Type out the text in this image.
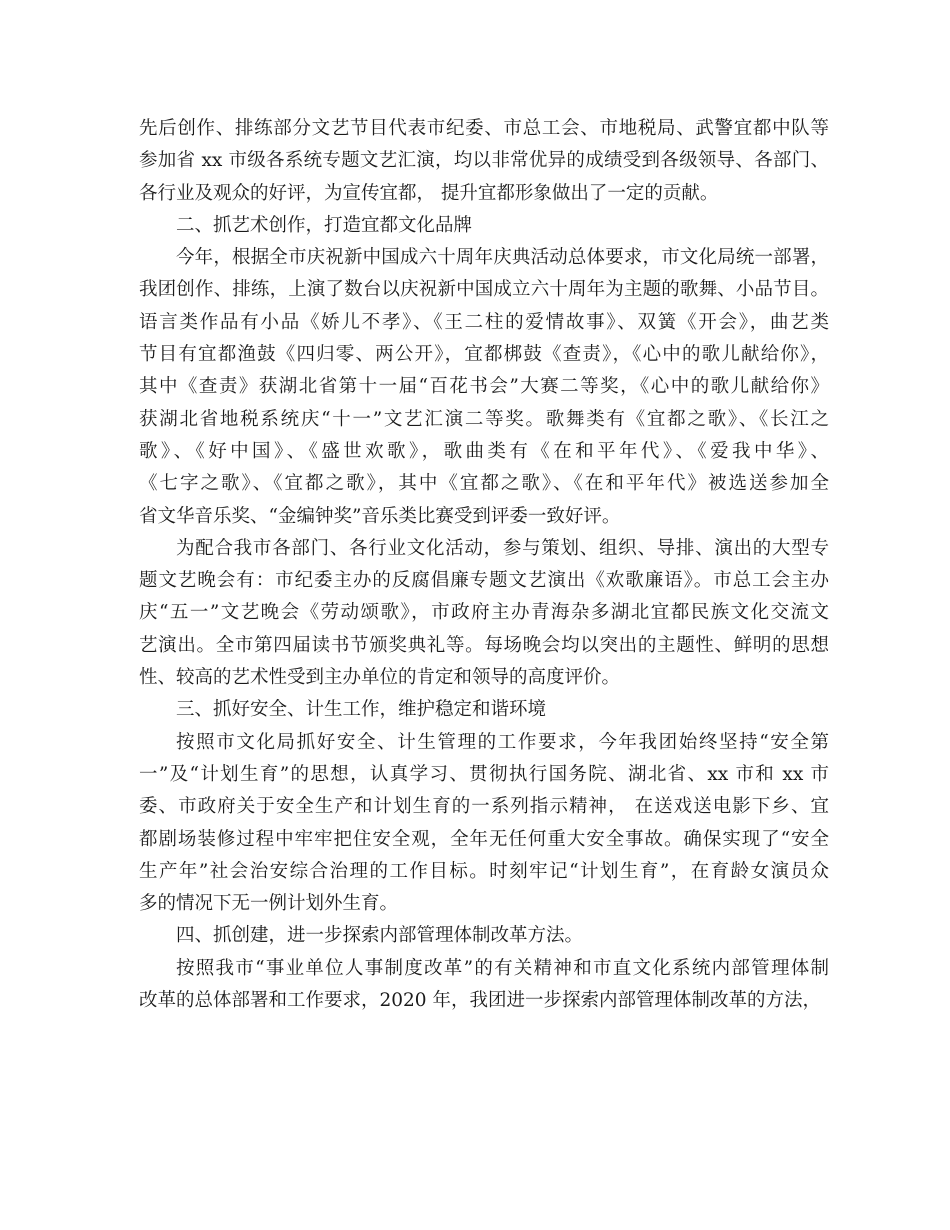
先后创作、排练部分文艺节目代表市纪委、市总工会、市地税局、武警宜都中队等
参加省 xx 市级各系统专题文艺汇演，均以非常优异的成绩受到各级领导、各部门、
各行业及观众的好评，为宣传宜都， 提升宜都形象做出了一定的贡献。

二、抓艺术创作，打造宜都文化品牌

今年，根据全市庆祝新中国成六十周年庆典活动总体要求，市文化局统一部署，
我团创作、排练，上演了数台以庆祝新中国成立六十周年为主题的歌舞、小品节目。
语言类作品有小品《娇儿不孝》、《王二柱的爱情故事》、双簧《开会》，曲艺类
节目有宜都渔鼓《四归零、两公开》，宜都梆鼓《查责》，《心中的歌儿献给你》，
其中《查责》获湖北省第十一届“百花书会”大赛二等奖，《心中的歌儿献给你》
获湖北省地税系统庆“十一”文艺汇演二等奖。歌舞类有《宜都之歌》、《长江之
歌》、《好中国》、《盛世欢歌》，歌曲类有《在和平年代》、《爱我中华》、
《七字之歌》、《宜都之歌》，其中《宜都之歌》、《在和平年代》被选送参加全
省文华音乐奖、“金编钟奖”音乐类比赛受到评委一致好评。

为配合我市各部门、各行业文化活动，参与策划、组织、导排、演出的大型专
题文艺晚会有：市纪委主办的反腐倡廉专题文艺演出《欢歌廉语》。市总工会主办
庆“五一”文艺晚会《劳动颂歌》，市政府主办青海杂多湖北宜都民族文化交流文
艺演出。全市第四届读书节颁奖典礼等。每场晚会均以突出的主题性、鲜明的思想
性、较高的艺术性受到主办单位的肯定和领导的高度评价。

三、抓好安全、计生工作，维护稳定和谐环境

按照市文化局抓好安全、计生管理的工作要求，今年我团始终坚持“安全第
一”及“计划生育”的思想，认真学习、贯彻执行国务院、湖北省、xx 市和 xx 市
委、市政府关于安全生产和计划生育的一系列指示精神， 在送戏送电影下乡、宜
都剧场装修过程中牢牢把住安全观，全年无任何重大安全事故。确保实现了“安全
生产年”社会治安综合治理的工作目标。时刻牢记“计划生育”，在育龄女演员众
多的情况下无一例计划外生育。

四、抓创建，进一步探索内部管理体制改革方法。

按照我市“事业单位人事制度改革”的有关精神和市直文化系统内部管理体制
改革的总体部署和工作要求，2020 年，我团进一步探索内部管理体制改革的方法，
